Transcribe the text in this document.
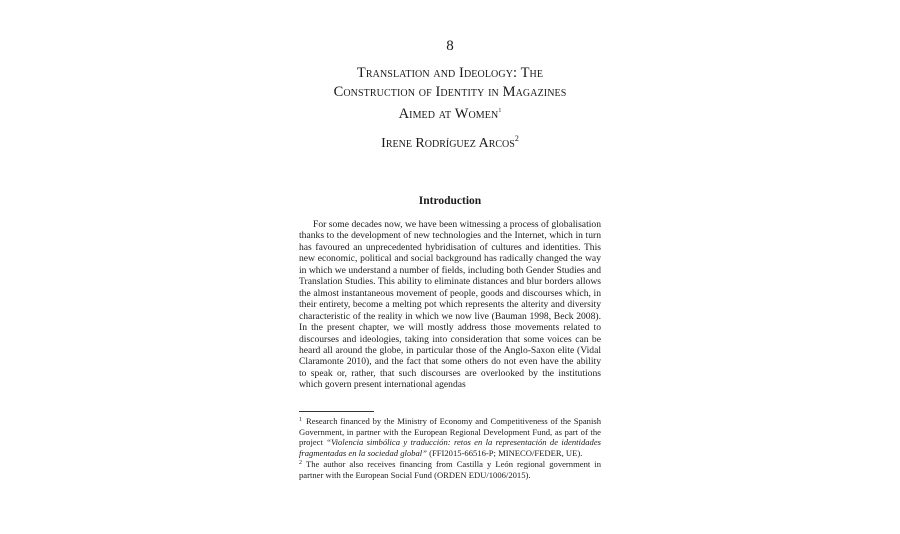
8
Translation and Ideology: The
Construction of Identity in Magazines
Aimed at Women$^1$
Irene Rodríguez Arcos$^2$
Introduction

For some decades now, we have been witnessing a process of globalisation thanks to the development of new technologies and the Internet, which in turn has favoured an unprecedented hybridisation of cultures and identities. This new economic, political and social background has radically changed the way in which we understand a number of fields, including both Gender Studies and Translation Studies. This ability to eliminate distances and blur borders allows the almost instantaneous movement of people, goods and discourses which, in their entirety, become a melting pot which represents the alterity and diversity characteristic of the reality in which we now live (Bauman 1998, Beck 2008). In the present chapter, we will mostly address those movements related to discourses and ideologies, taking into consideration that some voices can be heard all around the globe, in particular those of the Anglo-Saxon elite (Vidal Claramonte 2010), and the fact that some others do not even have the ability to speak or, rather, that such discourses are overlooked by the institutions which govern present international agendas

$^1$ Research financed by the Ministry of Economy and Competitiveness of the Spanish Government, in partner with the European Regional Development Fund, as part of the project “Violencia simbólica y traducción: retos en la representación de identidades fragmentadas en la sociedad global” (FFI2015-66516-P; MINECO/FEDER, UE).

$^2$ The author also receives financing from Castilla y León regional government in partner with the European Social Fund (ORDEN EDU/1006/2015).
